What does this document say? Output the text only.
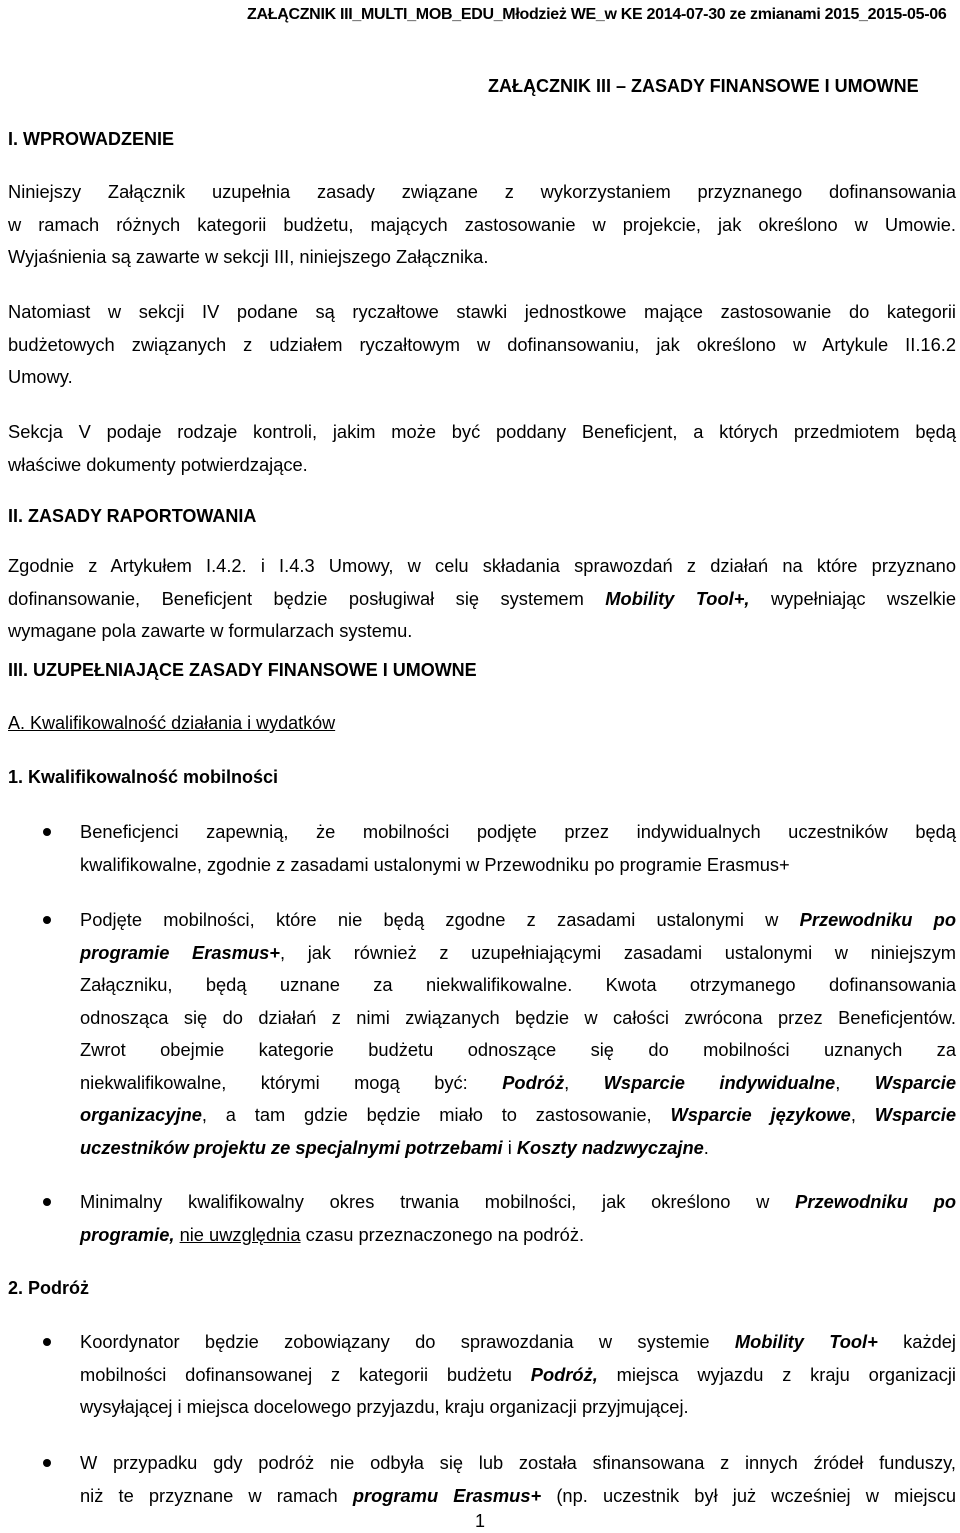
ZAŁĄCZNIK III_MULTI_MOB_EDU_Młodzież WE_w KE 2014-07-30 ze zmianami 2015_2015-05-06
ZAŁĄCZNIK III – ZASADY FINANSOWE I UMOWNE
I. WPROWADZENIE
Niniejszy Załącznik uzupełnia zasady związane z wykorzystaniem przyznanego dofinansowania
w ramach różnych kategorii budżetu, mających zastosowanie w projekcie, jak określono w Umowie.
Wyjaśnienia są zawarte w sekcji III, niniejszego Załącznika.
Natomiast w sekcji IV podane są ryczałtowe stawki jednostkowe mające zastosowanie do kategorii
budżetowych związanych z udziałem ryczałtowym w dofinansowaniu, jak określono w Artykule II.16.2
Umowy.
Sekcja V podaje rodzaje kontroli, jakim może być poddany Beneficjent, a których przedmiotem będą
właściwe dokumenty potwierdzające.
II. ZASADY RAPORTOWANIA
Zgodnie z Artykułem I.4.2. i I.4.3 Umowy, w celu składania sprawozdań z działań na które przyznano
dofinansowanie, Beneficjent będzie posługiwał się systemem Mobility Tool+, wypełniając wszelkie
wymagane pola zawarte w formularzach systemu.
III. UZUPEŁNIAJĄCE ZASADY FINANSOWE I UMOWNE
A. Kwalifikowalność działania i wydatków
1. Kwalifikowalność mobilności
Beneficjenci zapewnią, że mobilności podjęte przez indywidualnych uczestników będą
kwalifikowalne, zgodnie z zasadami ustalonymi w Przewodniku po programie Erasmus+
Podjęte mobilności, które nie będą zgodne z zasadami ustalonymi w Przewodniku po
programie Erasmus+, jak również z uzupełniającymi zasadami ustalonymi w niniejszym
Załączniku, będą uznane za niekwalifikowalne. Kwota otrzymanego dofinansowania
odnosząca się do działań z nimi związanych będzie w całości zwrócona przez Beneficjentów.
Zwrot obejmie kategorie budżetu odnoszące się do mobilności uznanych za
niekwalifikowalne, którymi mogą być: Podróż, Wsparcie indywidualne, Wsparcie
organizacyjne, a tam gdzie będzie miało to zastosowanie, Wsparcie językowe, Wsparcie
uczestników projektu ze specjalnymi potrzebami i Koszty nadzwyczajne.
Minimalny kwalifikowalny okres trwania mobilności, jak określono w Przewodniku po
programie, nie uwzględnia czasu przeznaczonego na podróż.
2. Podróż
Koordynator będzie zobowiązany do sprawozdania w systemie Mobility Tool+ każdej
mobilności dofinansowanej z kategorii budżetu Podróż, miejsca wyjazdu z kraju organizacji
wysyłającej i miejsca docelowego przyjazdu, kraju organizacji przyjmującej.
W przypadku gdy podróż nie odbyła się lub została sfinansowana z innych źródeł funduszy,
niż te przyznane w ramach programu Erasmus+ (np. uczestnik był już wcześniej w miejscu
1
